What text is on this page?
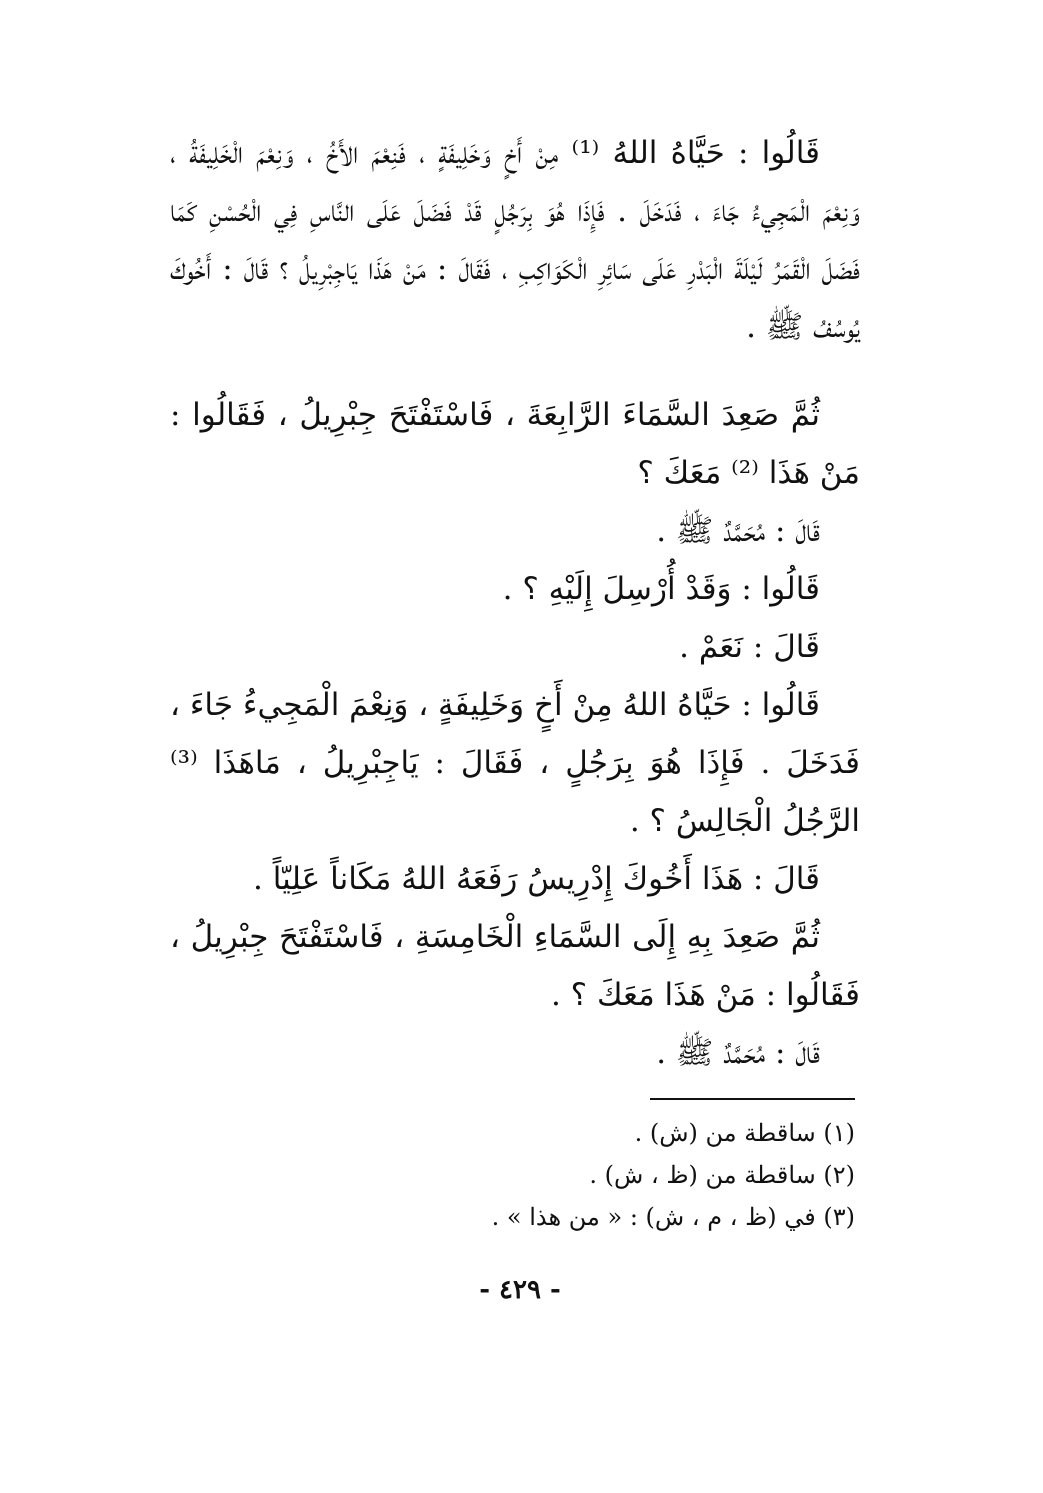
قَالُوا : حَيَّاهُ اللهُ ⁽¹⁾ مِنْ أَخٍ وَخَلِيفَةٍ ، فَنِعْمَ الأَخُ ، وَنِعْمَ الْخَلِيفَةُ ، وَنِعْمَ الْمَجِيءُ جَاءَ ، فَدَخَلَ . فَإِذَا هُوَ بِرَجُلٍ قَدْ فَضَلَ عَلَى النَّاسِ فِي الْحُسْنِ كَمَا فَضَلَ الْقَمَرُ لَيْلَةَ الْبَدْرِ عَلَى سَائِرِ الْكَوَاكِبِ ، فَقَالَ : مَنْ هَذَا يَاجِبْرِيلُ ؟ قَالَ : أَخُوكَ يُوسُفُ ﷺ .

ثُمَّ صَعِدَ السَّمَاءَ الرَّابِعَةَ ، فَاسْتَفْتَحَ جِبْرِيلُ ، فَقَالُوا : مَنْ هَذَا ⁽²⁾ مَعَكَ ؟

قَالَ : مُحَمَّدٌ ﷺ .

قَالُوا : وَقَدْ أُرْسِلَ إِلَيْهِ ؟ .

قَالَ : نَعَمْ .

قَالُوا : حَيَّاهُ اللهُ مِنْ أَخٍ وَخَلِيفَةٍ ، وَنِعْمَ الْمَجِيءُ جَاءَ ، فَدَخَلَ . فَإِذَا هُوَ بِرَجُلٍ ، فَقَالَ : يَاجِبْرِيلُ ، مَاهَذَا ⁽³⁾ الرَّجُلُ الْجَالِسُ ؟ .

قَالَ : هَذَا أَخُوكَ إِدْرِيسُ رَفَعَهُ اللهُ مَكَاناً عَلِيّاً .

ثُمَّ صَعِدَ بِهِ إِلَى السَّمَاءِ الْخَامِسَةِ ، فَاسْتَفْتَحَ جِبْرِيلُ ، فَقَالُوا : مَنْ هَذَا مَعَكَ ؟ .

قَالَ : مُحَمَّدٌ ﷺ .

(١) ساقطة من (ش) .
(٢) ساقطة من (ظ ، ش) .
(٣) في (ظ ، م ، ش) : « من هذا » .
- ٤٢٩ -
